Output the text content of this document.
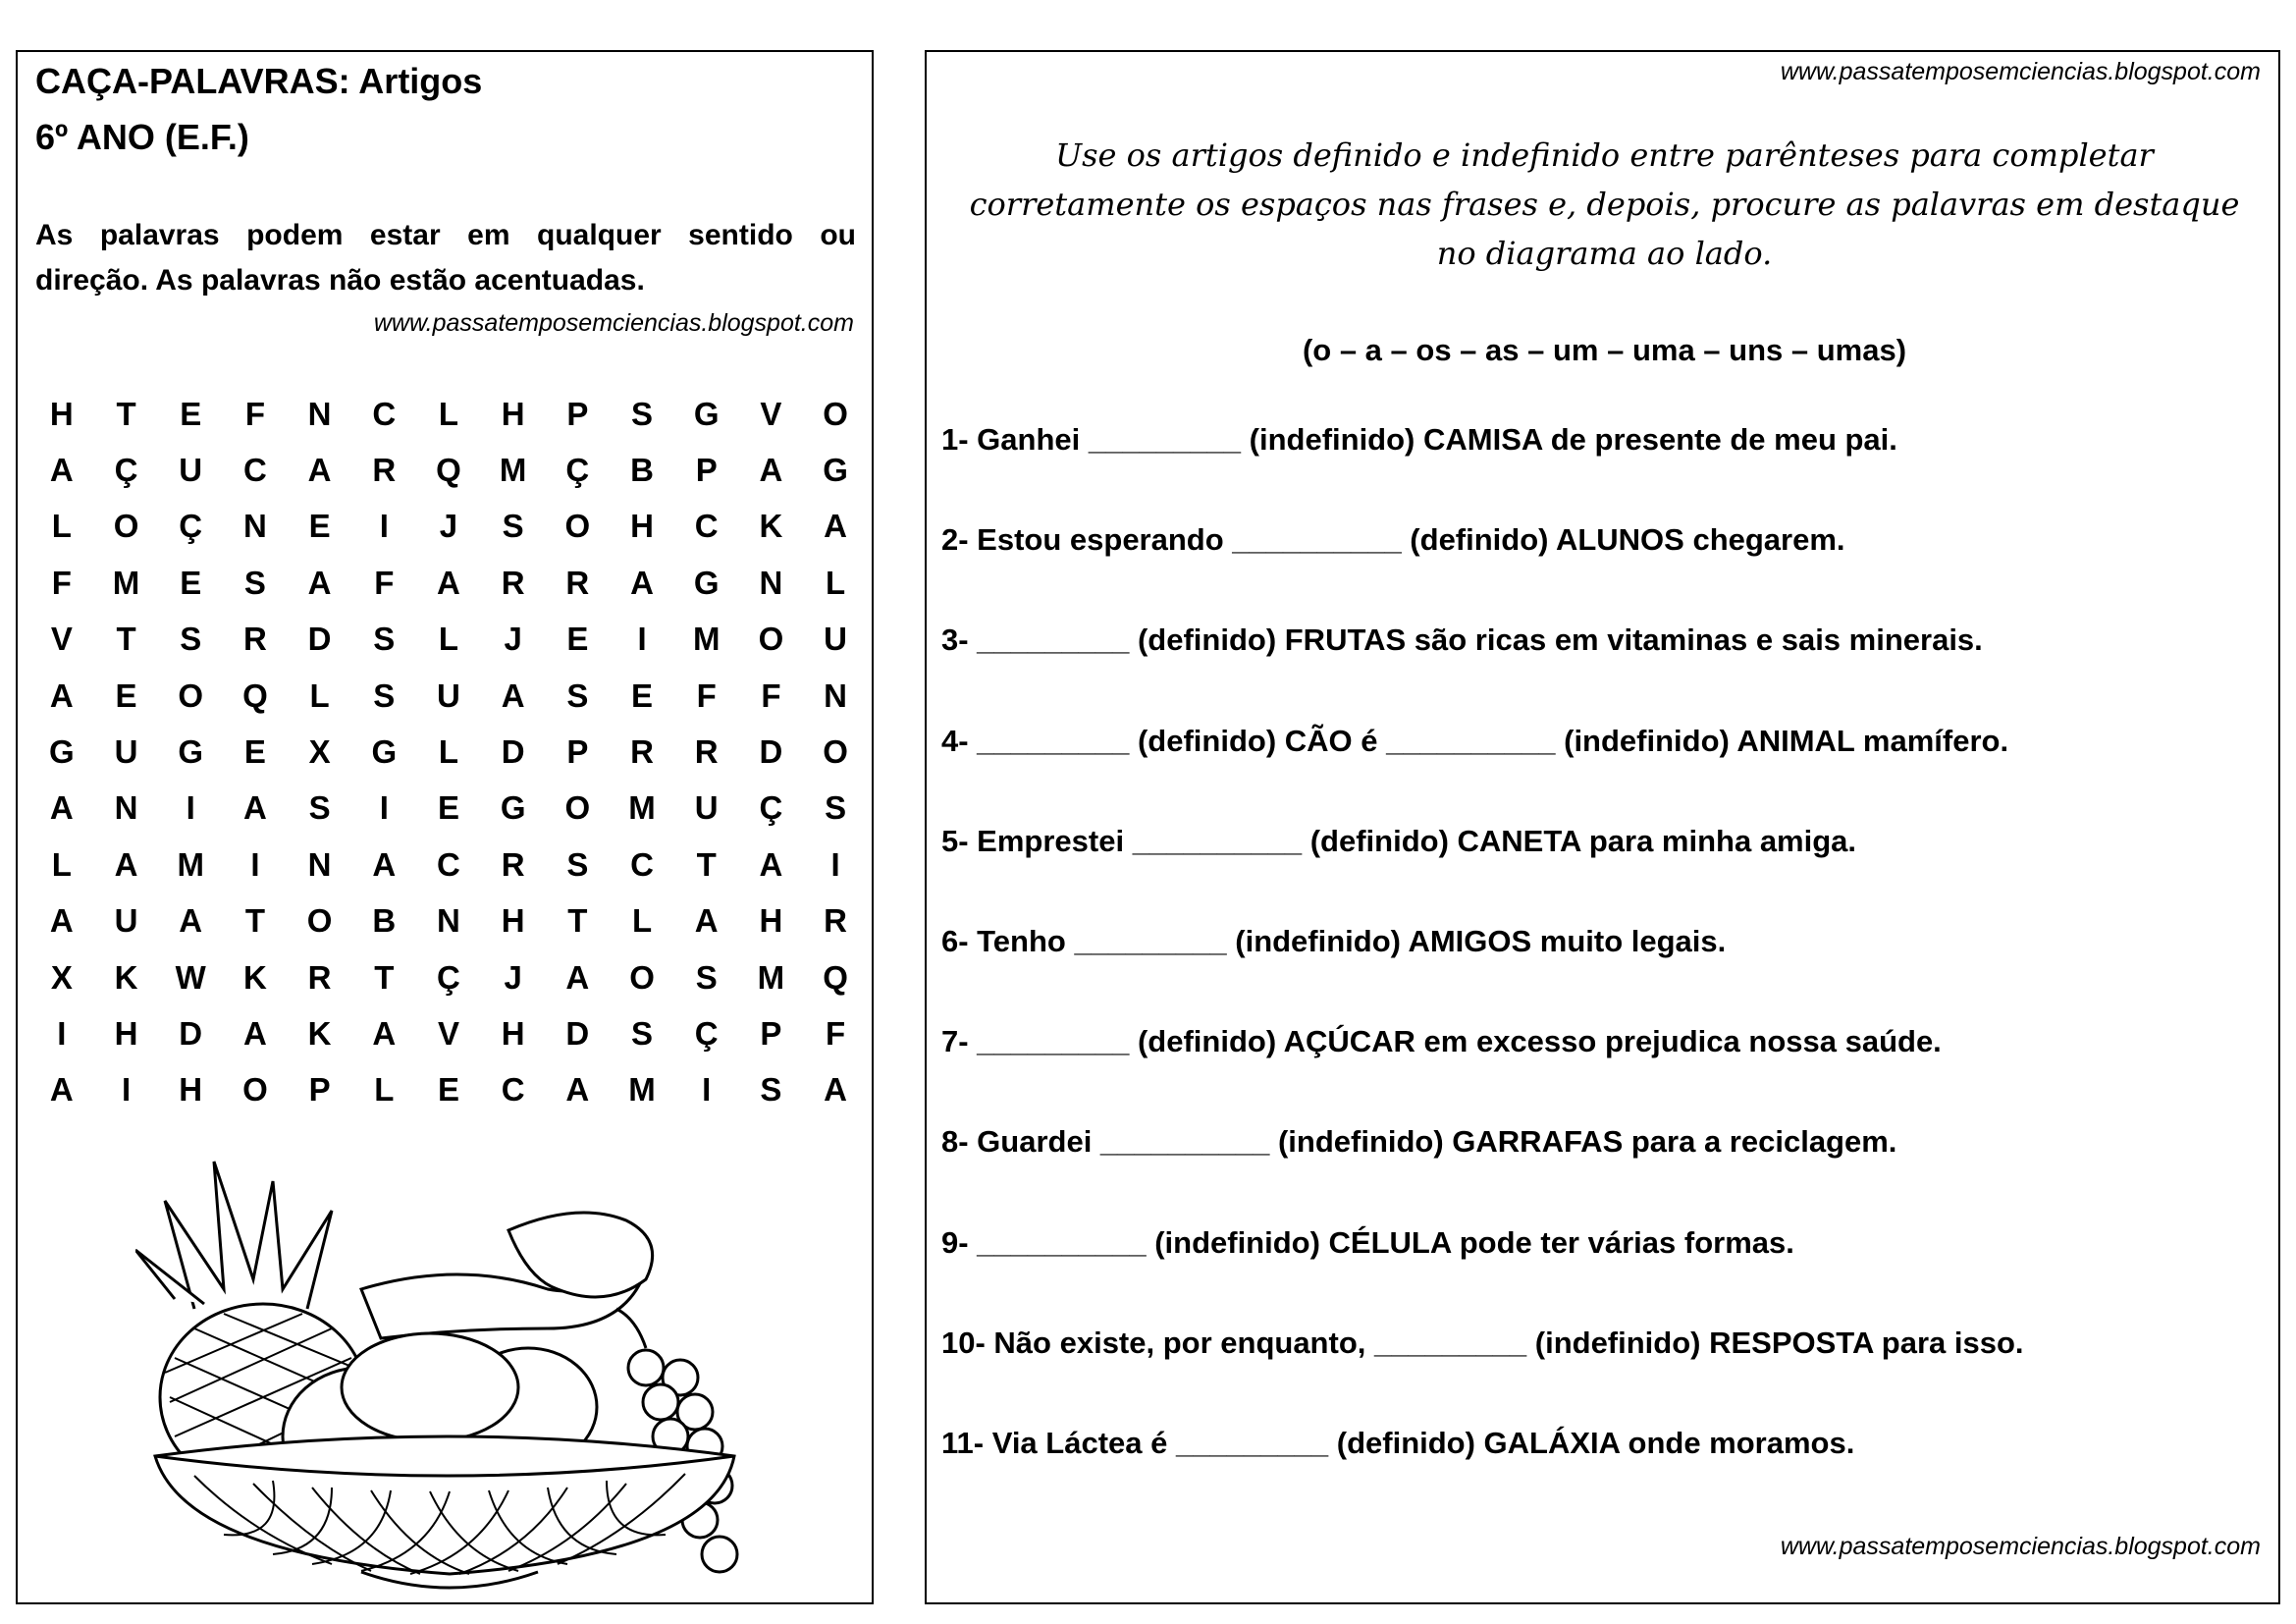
CAÇA-PALAVRAS: Artigos
6º ANO (E.F.)
As palavras podem estar em qualquer sentido ou
direção. As palavras não estão acentuadas.
www.passatemposemciencias.blogspot.com
H	T	E	F	N	C	L	H	P	S	G	V	O
A	Ç	U	C	A	R	Q	M	Ç	B	P	A	G
L	O	Ç	N	E	I	J	S	O	H	C	K	A
F	M	E	S	A	F	A	R	R	A	G	N	L
V	T	S	R	D	S	L	J	E	I	M	O	U
A	E	O	Q	L	S	U	A	S	E	F	F	N
G	U	G	E	X	G	L	D	P	R	R	D	O
A	N	I	A	S	I	E	G	O	M	U	Ç	S
L	A	M	I	N	A	C	R	S	C	T	A	I
A	U	A	T	O	B	N	H	T	L	A	H	R
X	K	W	K	R	T	Ç	J	A	O	S	M	Q
I	H	D	A	K	A	V	H	D	S	Ç	P	F
A	I	H	O	P	L	E	C	A	M	I	S	A
www.passatemposemciencias.blogspot.com
Use os artigos definido e indefinido entre parênteses para completar
corretamente os espaços nas frases e, depois, procure as palavras em destaque
no diagrama ao lado.
(o – a – os – as – um – uma – uns – umas)
1- Ganhei _________ (indefinido) CAMISA de presente de meu pai.
2- Estou esperando __________ (definido) ALUNOS chegarem.
3- _________ (definido) FRUTAS são ricas em vitaminas e sais minerais.
4- _________ (definido) CÃO é __________ (indefinido) ANIMAL mamífero.
5- Emprestei __________ (definido) CANETA para minha amiga.
6- Tenho _________ (indefinido) AMIGOS muito legais.
7- _________ (definido) AÇÚCAR em excesso prejudica nossa saúde.
8- Guardei __________ (indefinido) GARRAFAS para a reciclagem.
9- __________ (indefinido) CÉLULA pode ter várias formas.
10- Não existe, por enquanto, _________ (indefinido) RESPOSTA para isso.
11- Via Láctea é _________ (definido) GALÁXIA onde moramos.
www.passatemposemciencias.blogspot.com
